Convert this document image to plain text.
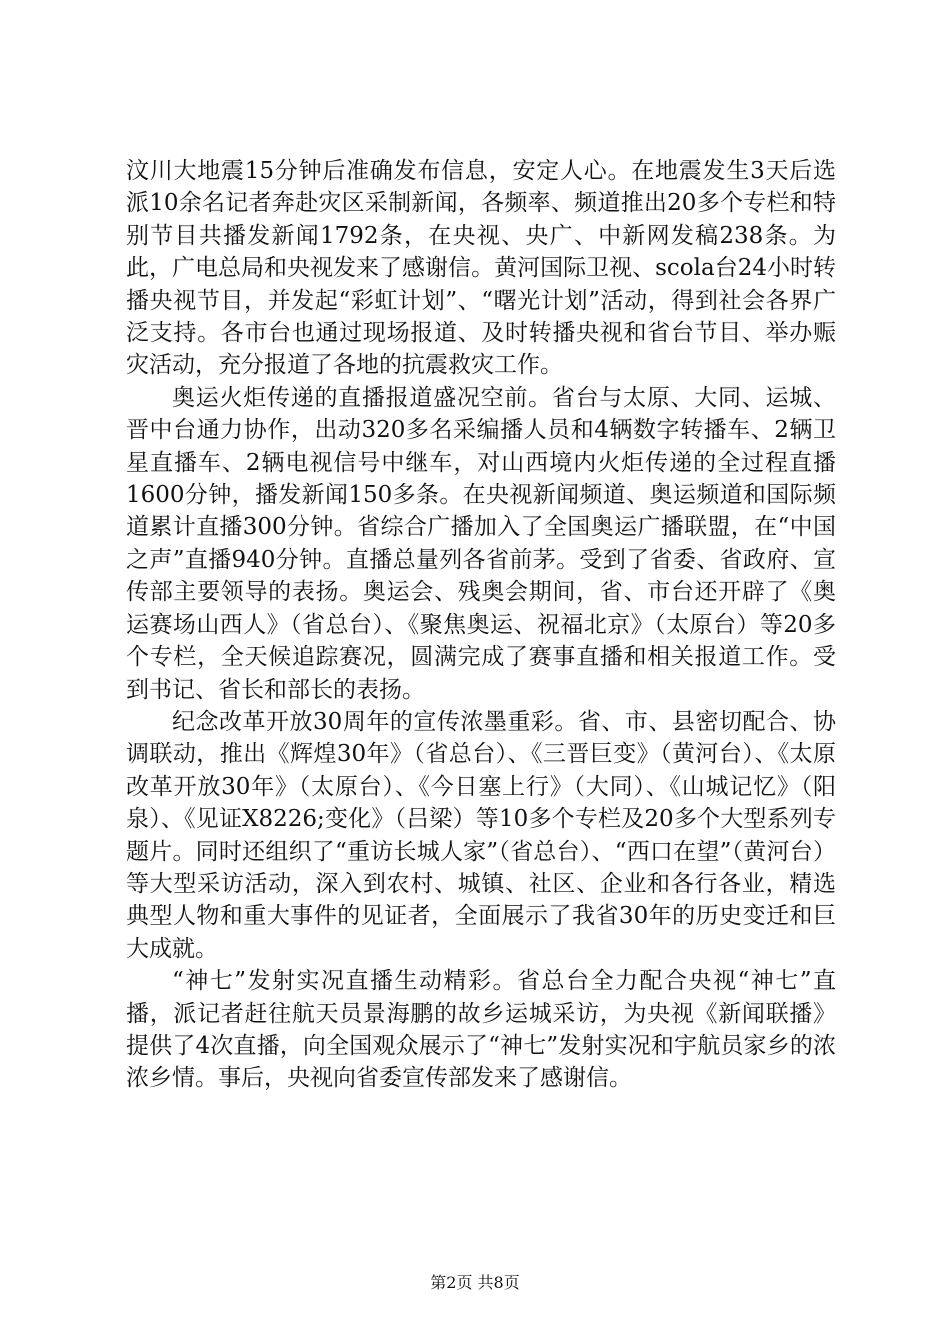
汶川大地震15分钟后准确发布信息，安定人心。在地震发生3天后选派10余名记者奔赴灾区采制新闻，各频率、频道推出20多个专栏和特别节目共播发新闻1792条，在央视、央广、中新网发稿238条。为此，广电总局和央视发来了感谢信。黄河国际卫视、scola台24小时转播央视节目，并发起“彩虹计划”、“曙光计划”活动，得到社会各界广泛支持。各市台也通过现场报道、及时转播央视和省台节目、举办赈灾活动，充分报道了各地的抗震救灾工作。

奥运火炬传递的直播报道盛况空前。省台与太原、大同、运城、晋中台通力协作，出动320多名采编播人员和4辆数字转播车、2辆卫星直播车、2辆电视信号中继车，对山西境内火炬传递的全过程直播1600分钟，播发新闻150多条。在央视新闻频道、奥运频道和国际频道累计直播300分钟。省综合广播加入了全国奥运广播联盟，在“中国之声”直播940分钟。直播总量列各省前茅。受到了省委、省政府、宣传部主要领导的表扬。奥运会、残奥会期间，省、市台还开辟了《奥运赛场山西人》（省总台）、《聚焦奥运、祝福北京》（太原台）等20多个专栏，全天候追踪赛况，圆满完成了赛事直播和相关报道工作。受到书记、省长和部长的表扬。

纪念改革开放30周年的宣传浓墨重彩。省、市、县密切配合、协调联动，推出《辉煌30年》（省总台）、《三晋巨变》（黄河台）、《太原改革开放30年》（太原台）、《今日塞上行》（大同）、《山城记忆》（阳泉）、《见证X8226;变化》（吕梁）等10多个专栏及20多个大型系列专题片。同时还组织了“重访长城人家”（省总台）、“西口在望”（黄河台）等大型采访活动，深入到农村、城镇、社区、企业和各行各业，精选典型人物和重大事件的见证者，全面展示了我省30年的历史变迁和巨大成就。

“神七”发射实况直播生动精彩。省总台全力配合央视“神七”直播，派记者赶往航天员景海鹏的故乡运城采访，为央视《新闻联播》提供了4次直播，向全国观众展示了“神七”发射实况和宇航员家乡的浓浓乡情。事后，央视向省委宣传部发来了感谢信。

第2页 共8页
